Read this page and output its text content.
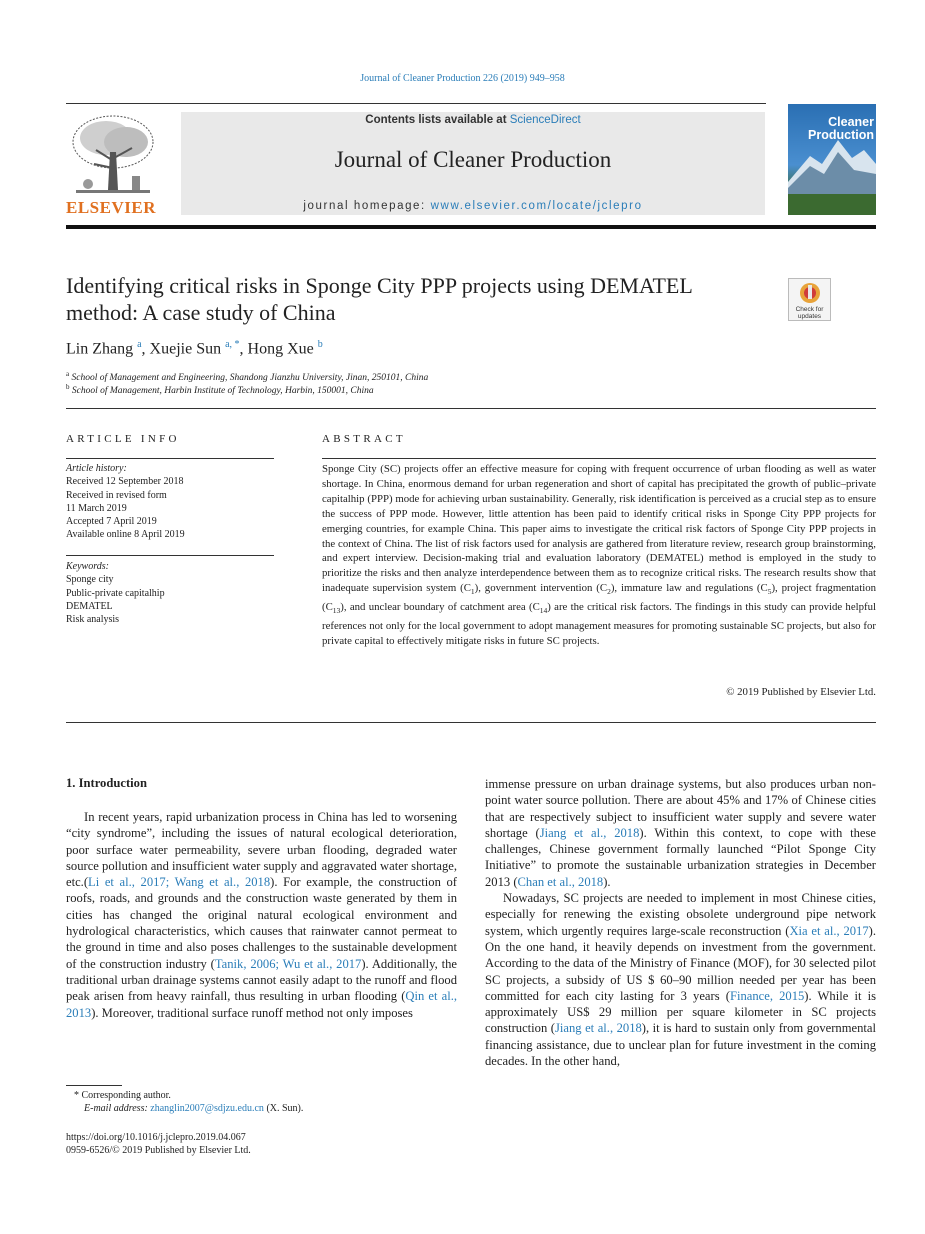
Journal of Cleaner Production 226 (2019) 949–958
ELSEVIER
Contents lists available at ScienceDirect
Journal of Cleaner Production
journal homepage: www.elsevier.com/locate/jclepro
Cleaner
Production
Identifying critical risks in Sponge City PPP projects using DEMATEL
method: A case study of China	Check for
updates
Lin Zhang $^a$, Xuejie Sun $^{a, *}$, Hong Xue $^b$
$^a$ School of Management and Engineering, Shandong Jianzhu University, Jinan, 250101, China
$^b$ School of Management, Harbin Institute of Technology, Harbin, 150001, China
ARTICLE INFO
Article history:
Received 12 September 2018
Received in revised form
11 March 2019
Accepted 7 April 2019
Available online 8 April 2019
Keywords:
Sponge city
Public-private capitalhip
DEMATEL
Risk analysis
ABSTRACT
Sponge City (SC) projects offer an effective measure for coping with frequent occurrence of urban flooding as well as water shortage. In China, enormous demand for urban regeneration and short of capital has precipitated the growth of public–private capitalhip (PPP) mode for achieving urban sustainability. Generally, risk identification is perceived as a crucial step as to ensure the success of PPP mode. However, little attention has been paid to identify critical risks in Sponge City PPP projects for emerging countries, for example China. This paper aims to investigate the critical risk factors of Sponge City PPP projects in the context of China. The list of risk factors used for analysis are gathered from literature review, research group brainstorming, and expert interview. Decision-making trial and evaluation laboratory (DEMATEL) method is employed in the study to prioritize the risks and then analyze interdependence between them as to recognize critical risks. The research results show that inadequate supervision system $(C_1)$, government intervention $(C_2)$, immature law and regulations $(C_5)$, project fragmentation $(C_{13})$, and unclear boundary of catchment area $(C_{14})$ are the critical risk factors. The findings in this study can provide helpful references not only for the local government to adopt management measures for promoting sustainable SC projects, but also for private capital to effectively mitigate risks in future SC projects.
© 2019 Published by Elsevier Ltd.
1. Introduction

In recent years, rapid urbanization process in China has led to worsening “city syndrome”, including the issues of natural ecological deterioration, poor surface water permeability, severe urban flooding, degraded water source pollution and insufficient water supply and aggravated water shortage, etc.(Li et al., 2017; Wang et al., 2018). For example, the construction of roofs, roads, and grounds and the construction waste generated by them in cities has changed the original natural ecological environment and hydrological characteristics, which causes that rainwater cannot permeat to the ground in time and also poses challenges to the sustainable development of the construction industry (Tanik, 2006; Wu et al., 2017). Additionally, the traditional urban drainage systems cannot easily adapt to the runoff and flood peak arisen from heavy rainfall, thus resulting in urban flooding (Qin et al., 2013). Moreover, traditional surface runoff method not only imposes

immense pressure on urban drainage systems, but also produces urban non-point water source pollution. There are about 45% and 17% of Chinese cities that are respectively subject to insufficient water supply and severe water shortage (Jiang et al., 2018). Within this context, to cope with these challenges, Chinese government formally launched “Pilot Sponge City Initiative” to promote the sustainable urbanization strategies in December 2013 (Chan et al., 2018).

Nowadays, SC projects are needed to implement in most Chinese cities, especially for renewing the existing obsolete underground pipe network system, which urgently requires large-scale reconstruction (Xia et al., 2017). On the one hand, it heavily depends on investment from the government. According to the data of the Ministry of Finance (MOF), for 30 selected pilot SC projects, a subsidy of US $ 60–90 million needed per year has been committed for each city lasting for 3 years (Finance, 2015). While it is approximately US$ 29 million per square kilometer in SC projects construction (Jiang et al., 2018), it is hard to sustain only from governmental financing assistance, due to unclear plan for future investment in the coming decades. In the other hand,

* Corresponding author.
E-mail address: zhanglin2007@sdjzu.edu.cn (X. Sun).
https://doi.org/10.1016/j.jclepro.2019.04.067
0959-6526/© 2019 Published by Elsevier Ltd.
